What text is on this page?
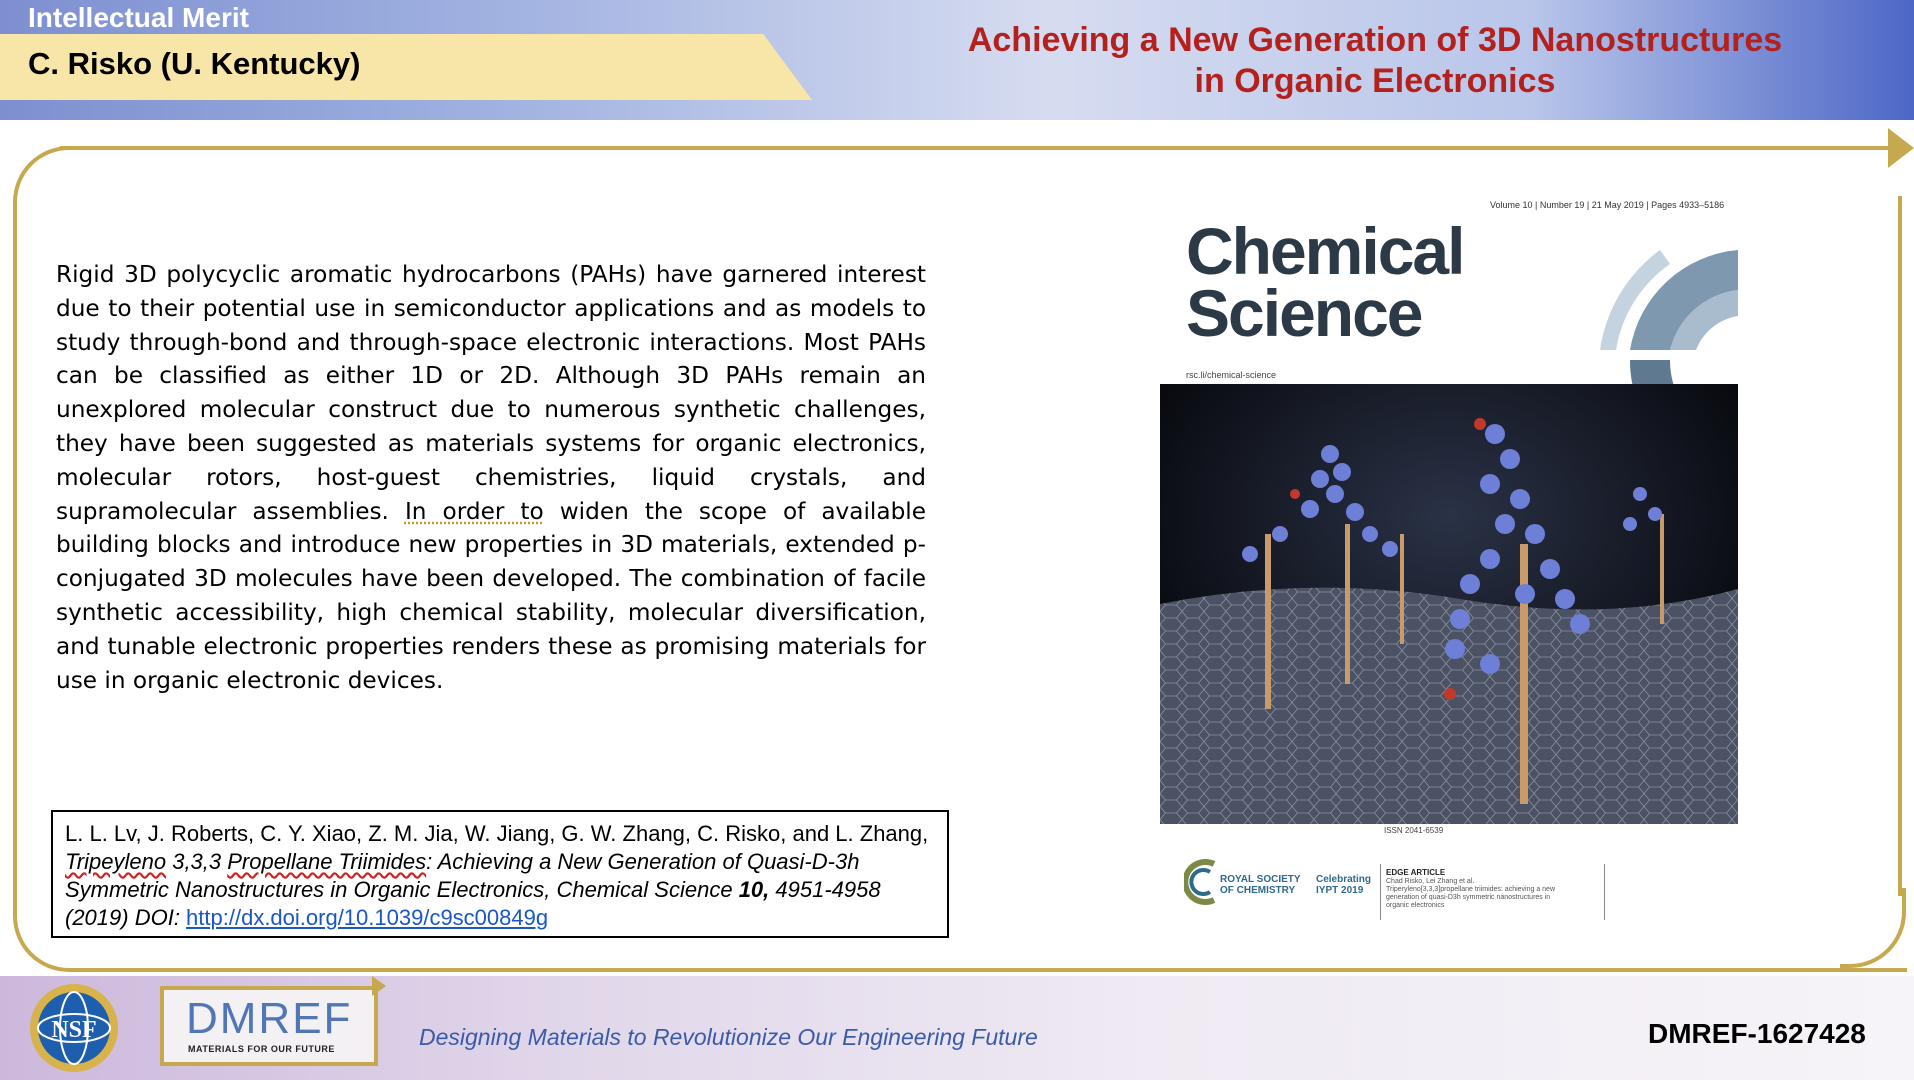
Intellectual Merit
C. Risko (U. Kentucky)
Achieving a New Generation of 3D Nanostructures
in Organic Electronics
Rigid 3D polycyclic aromatic hydrocarbons (PAHs) have garnered interest due to their potential use in semiconductor applications and as models to study through-bond and through-space electronic interactions. Most PAHs can be classified as either 1D or 2D. Although 3D PAHs remain an unexplored molecular construct due to numerous synthetic challenges, they have been suggested as materials systems for organic electronics, molecular rotors, host-guest chemistries, liquid crystals, and supramolecular assemblies. In order to widen the scope of available building blocks and introduce new properties in 3D materials, extended p-conjugated 3D molecules have been developed. The combination of facile synthetic accessibility, high chemical stability, molecular diversification, and tunable electronic properties renders these as promising materials for use in organic electronic devices.
L. L. Lv, J. Roberts, C. Y. Xiao, Z. M. Jia, W. Jiang, G. W. Zhang, C. Risko, and L. Zhang, Tripeyleno 3,3,3 Propellane Triimides: Achieving a New Generation of Quasi-D-3h Symmetric Nanostructures in Organic Electronics, Chemical Science 10, 4951-4958 (2019) DOI: http://dx.doi.org/10.1039/c9sc00849g
Volume 10 | Number 19 | 21 May 2019 | Pages 4933–5186
Chemical
Science
rsc.li/chemical-science
ISSN 2041-6539
ROYAL SOCIETY
OF CHEMISTRY
Celebrating
IYPT 2019
EDGE ARTICLE
Chad Risko, Lei Zhang et al. Triperyleno[3,3,3]propellane triimides: achieving a new generation of quasi-D3h symmetric nanostructures in organic electronics
NSF DMREF
MATERIALS FOR OUR FUTURE	Designing Materials to Revolutionize Our Engineering Future	DMREF-1627428
